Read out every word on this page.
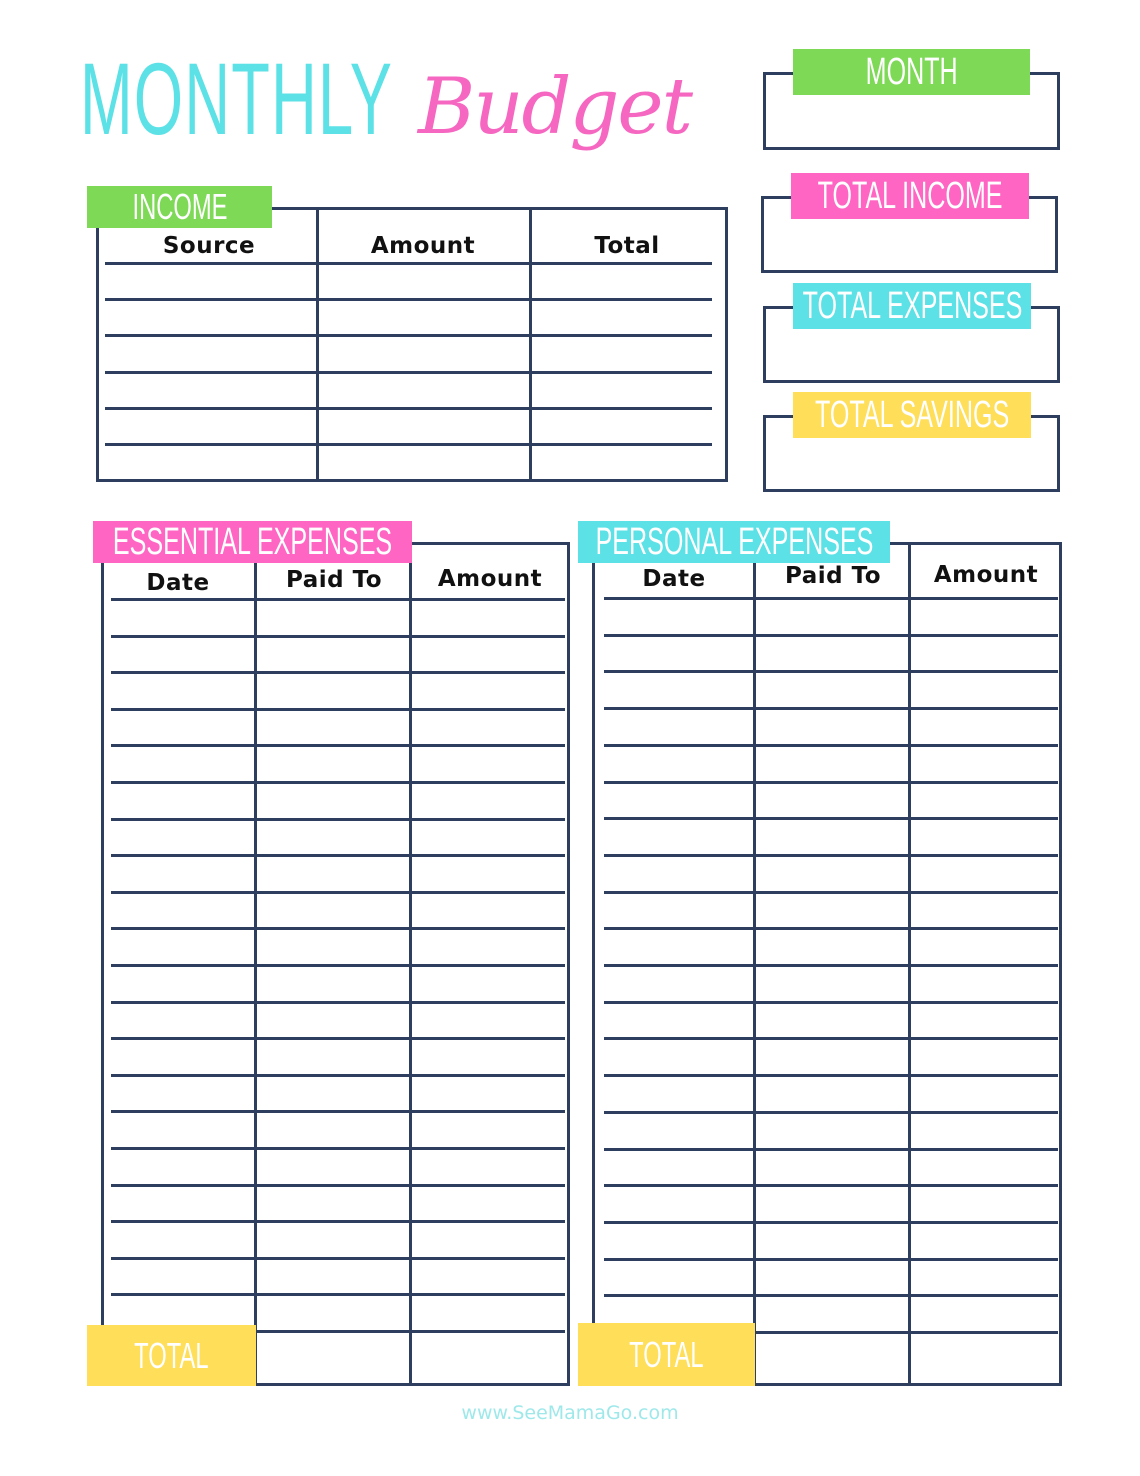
MONTHLY Budget	MONTH
TOTAL INCOME
TOTAL EXPENSES
TOTAL SAVINGS
INCOME
Source	Amount	Total
ESSENTIAL EXPENSES
Date	Paid To	Amount
TOTAL
PERSONAL EXPENSES
Date	Paid To	Amount
TOTAL
www.SeeMamaGo.com
